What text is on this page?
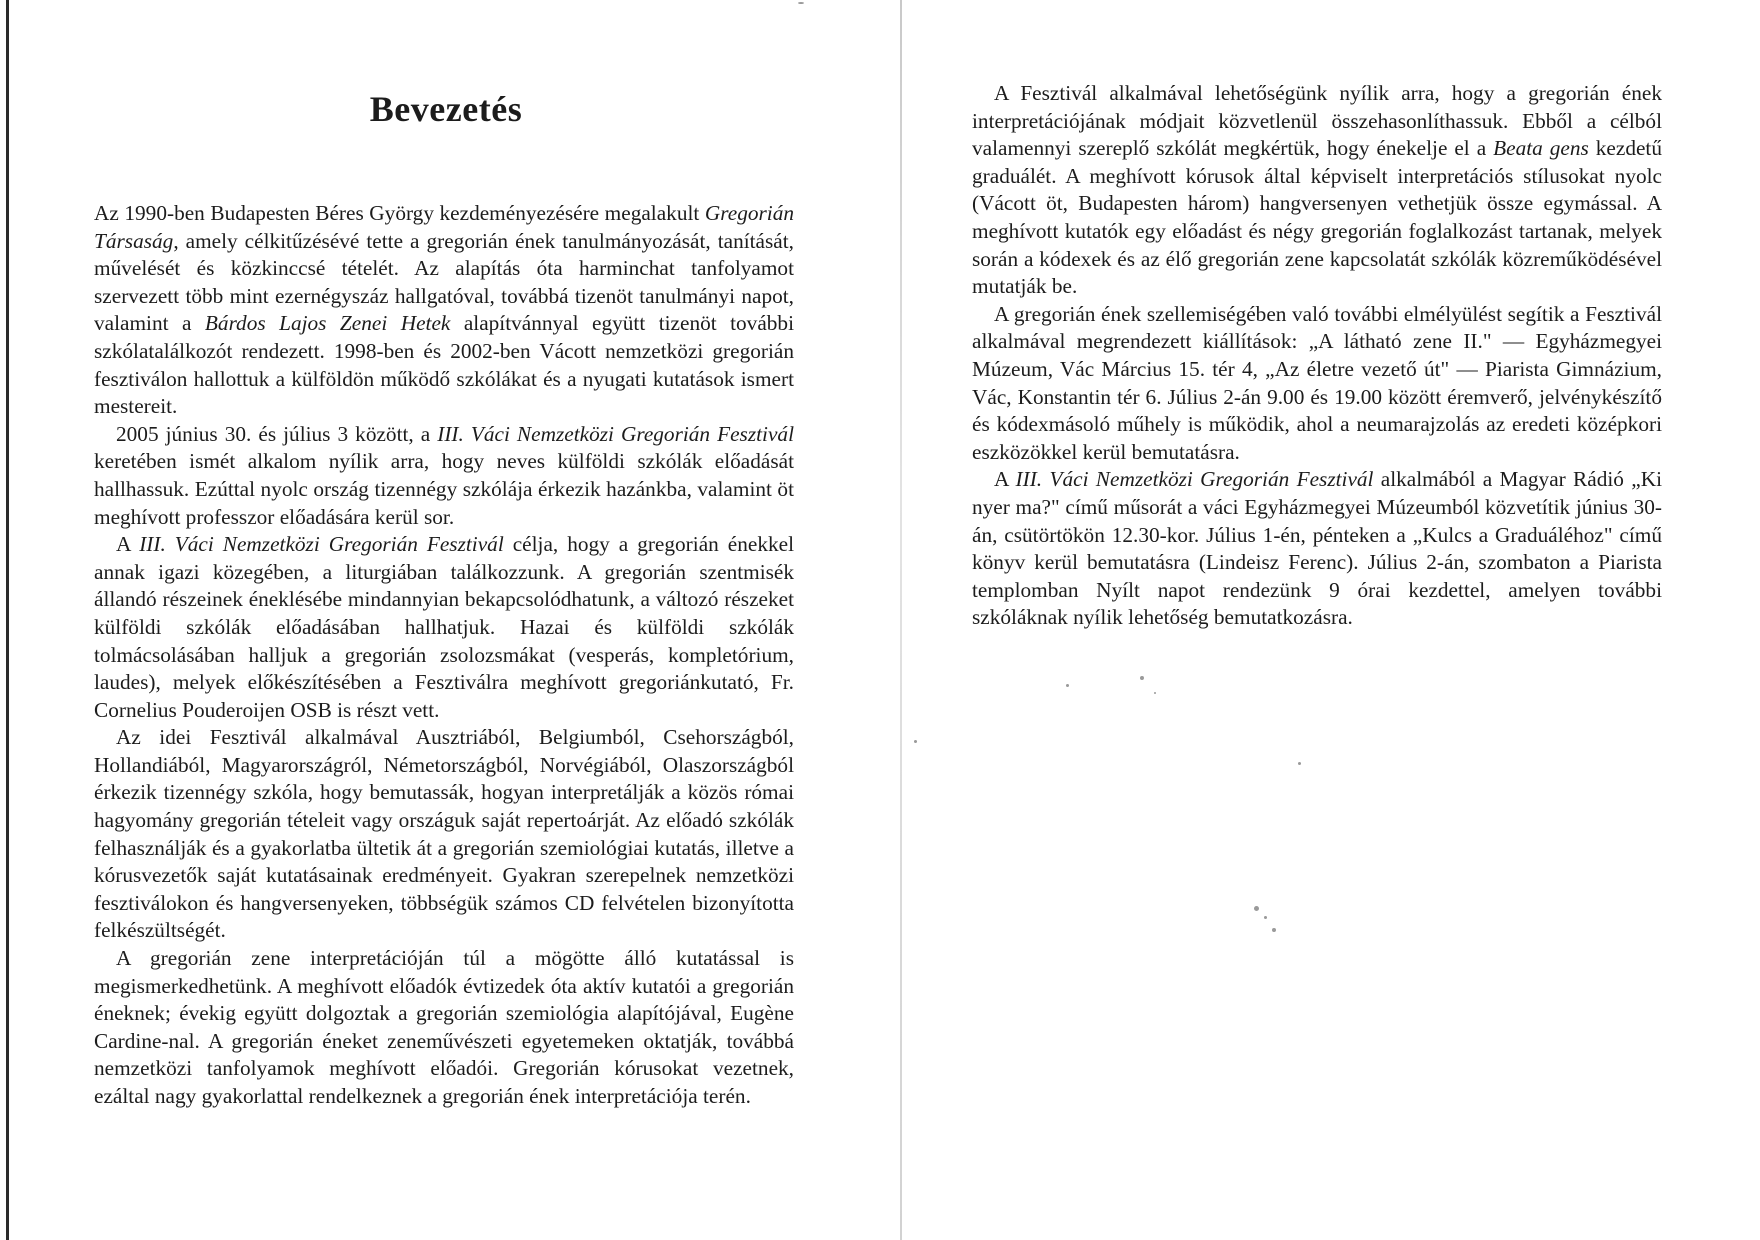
Bevezetés

Az 1990-ben Budapesten Béres György kezdeményezésére megalakult Gregorián Társaság, amely célkitűzésévé tette a gregorián ének tanulmányozását, tanítását, művelését és közkinccsé tételét. Az alapítás óta harminchat tanfolyamot szervezett több mint ezernégyszáz hallgatóval, továbbá tizenöt tanulmányi napot, valamint a Bárdos Lajos Zenei Hetek alapítvánnyal együtt tizenöt további szkólatalálkozót rendezett. 1998-ben és 2002-ben Vácott nemzetközi gregorián fesztiválon hallottuk a külföldön működő szkólákat és a nyugati kutatások ismert mestereit.

2005 június 30. és július 3 között, a III. Váci Nemzetközi Gregorián Fesztivál keretében ismét alkalom nyílik arra, hogy neves külföldi szkólák előadását hallhassuk. Ezúttal nyolc ország tizennégy szkólája érkezik hazánkba, valamint öt meghívott professzor előadására kerül sor.

A III. Váci Nemzetközi Gregorián Fesztivál célja, hogy a gregorián énekkel annak igazi közegében, a liturgiában találkozzunk. A gregorián szentmisék állandó részeinek éneklésébe mindannyian bekapcsolódhatunk, a változó részeket külföldi szkólák előadásában hallhatjuk. Hazai és külföldi szkólák tolmácsolásában halljuk a gregorián zsolozsmákat (vesperás, kompletórium, laudes), melyek előkészítésében a Fesztiválra meghívott gregoriánkutató, Fr. Cornelius Pouderoijen OSB is részt vett.

Az idei Fesztivál alkalmával Ausztriából, Belgiumból, Csehországból, Hollandiából, Magyarországról, Németországból, Norvégiából, Olaszországból érkezik tizennégy szkóla, hogy bemutassák, hogyan interpretálják a közös római hagyomány gregorián tételeit vagy országuk saját repertoárját. Az előadó szkólák felhasználják és a gyakorlatba ültetik át a gregorián szemiológiai kutatás, illetve a kórusvezetők saját kutatásainak eredményeit. Gyakran szerepelnek nemzetközi fesztiválokon és hangversenyeken, többségük számos CD felvételen bizonyította felkészültségét.

A gregorián zene interpretációján túl a mögötte álló kutatással is megismerkedhetünk. A meghívott előadók évtizedek óta aktív kutatói a gregorián éneknek; évekig együtt dolgoztak a gregorián szemiológia alapítójával, Eugène Cardine-nal. A gregorián éneket zeneművészeti egyetemeken oktatják, továbbá nemzetközi tanfolyamok meghívott előadói. Gregorián kórusokat vezetnek, ezáltal nagy gyakorlattal rendelkeznek a gregorián ének interpretációja terén.

A Fesztivál alkalmával lehetőségünk nyílik arra, hogy a gregorián ének interpretációjának módjait közvetlenül összehasonlíthassuk. Ebből a célból valamennyi szereplő szkólát megkértük, hogy énekelje el a Beata gens kezdetű graduálét. A meghívott kórusok által képviselt interpretációs stílusokat nyolc (Vácott öt, Budapesten három) hangversenyen vethetjük össze egymással. A meghívott kutatók egy előadást és négy gregorián foglalkozást tartanak, melyek során a kódexek és az élő gregorián zene kapcsolatát szkólák közreműködésével mutatják be.

A gregorián ének szellemiségében való további elmélyülést segítik a Fesztivál alkalmával megrendezett kiállítások: „A látható zene II." — Egyházmegyei Múzeum, Vác Március 15. tér 4, „Az életre vezető út" — Piarista Gimnázium, Vác, Konstantin tér 6. Július 2-án 9.00 és 19.00 között éremverő, jelvénykészítő és kódexmásoló műhely is működik, ahol a neumarajzolás az eredeti középkori eszközökkel kerül bemutatásra.

A III. Váci Nemzetközi Gregorián Fesztivál alkalmából a Magyar Rádió „Ki nyer ma?" című műsorát a váci Egyházmegyei Múzeumból közvetítik június 30-án, csütörtökön 12.30-kor. Július 1-én, pénteken a „Kulcs a Graduáléhoz" című könyv kerül bemutatásra (Lindeisz Ferenc). Július 2-án, szombaton a Piarista templomban Nyílt napot rendezünk 9 órai kezdettel, amelyen további szkóláknak nyílik lehetőség bemutatkozásra.
